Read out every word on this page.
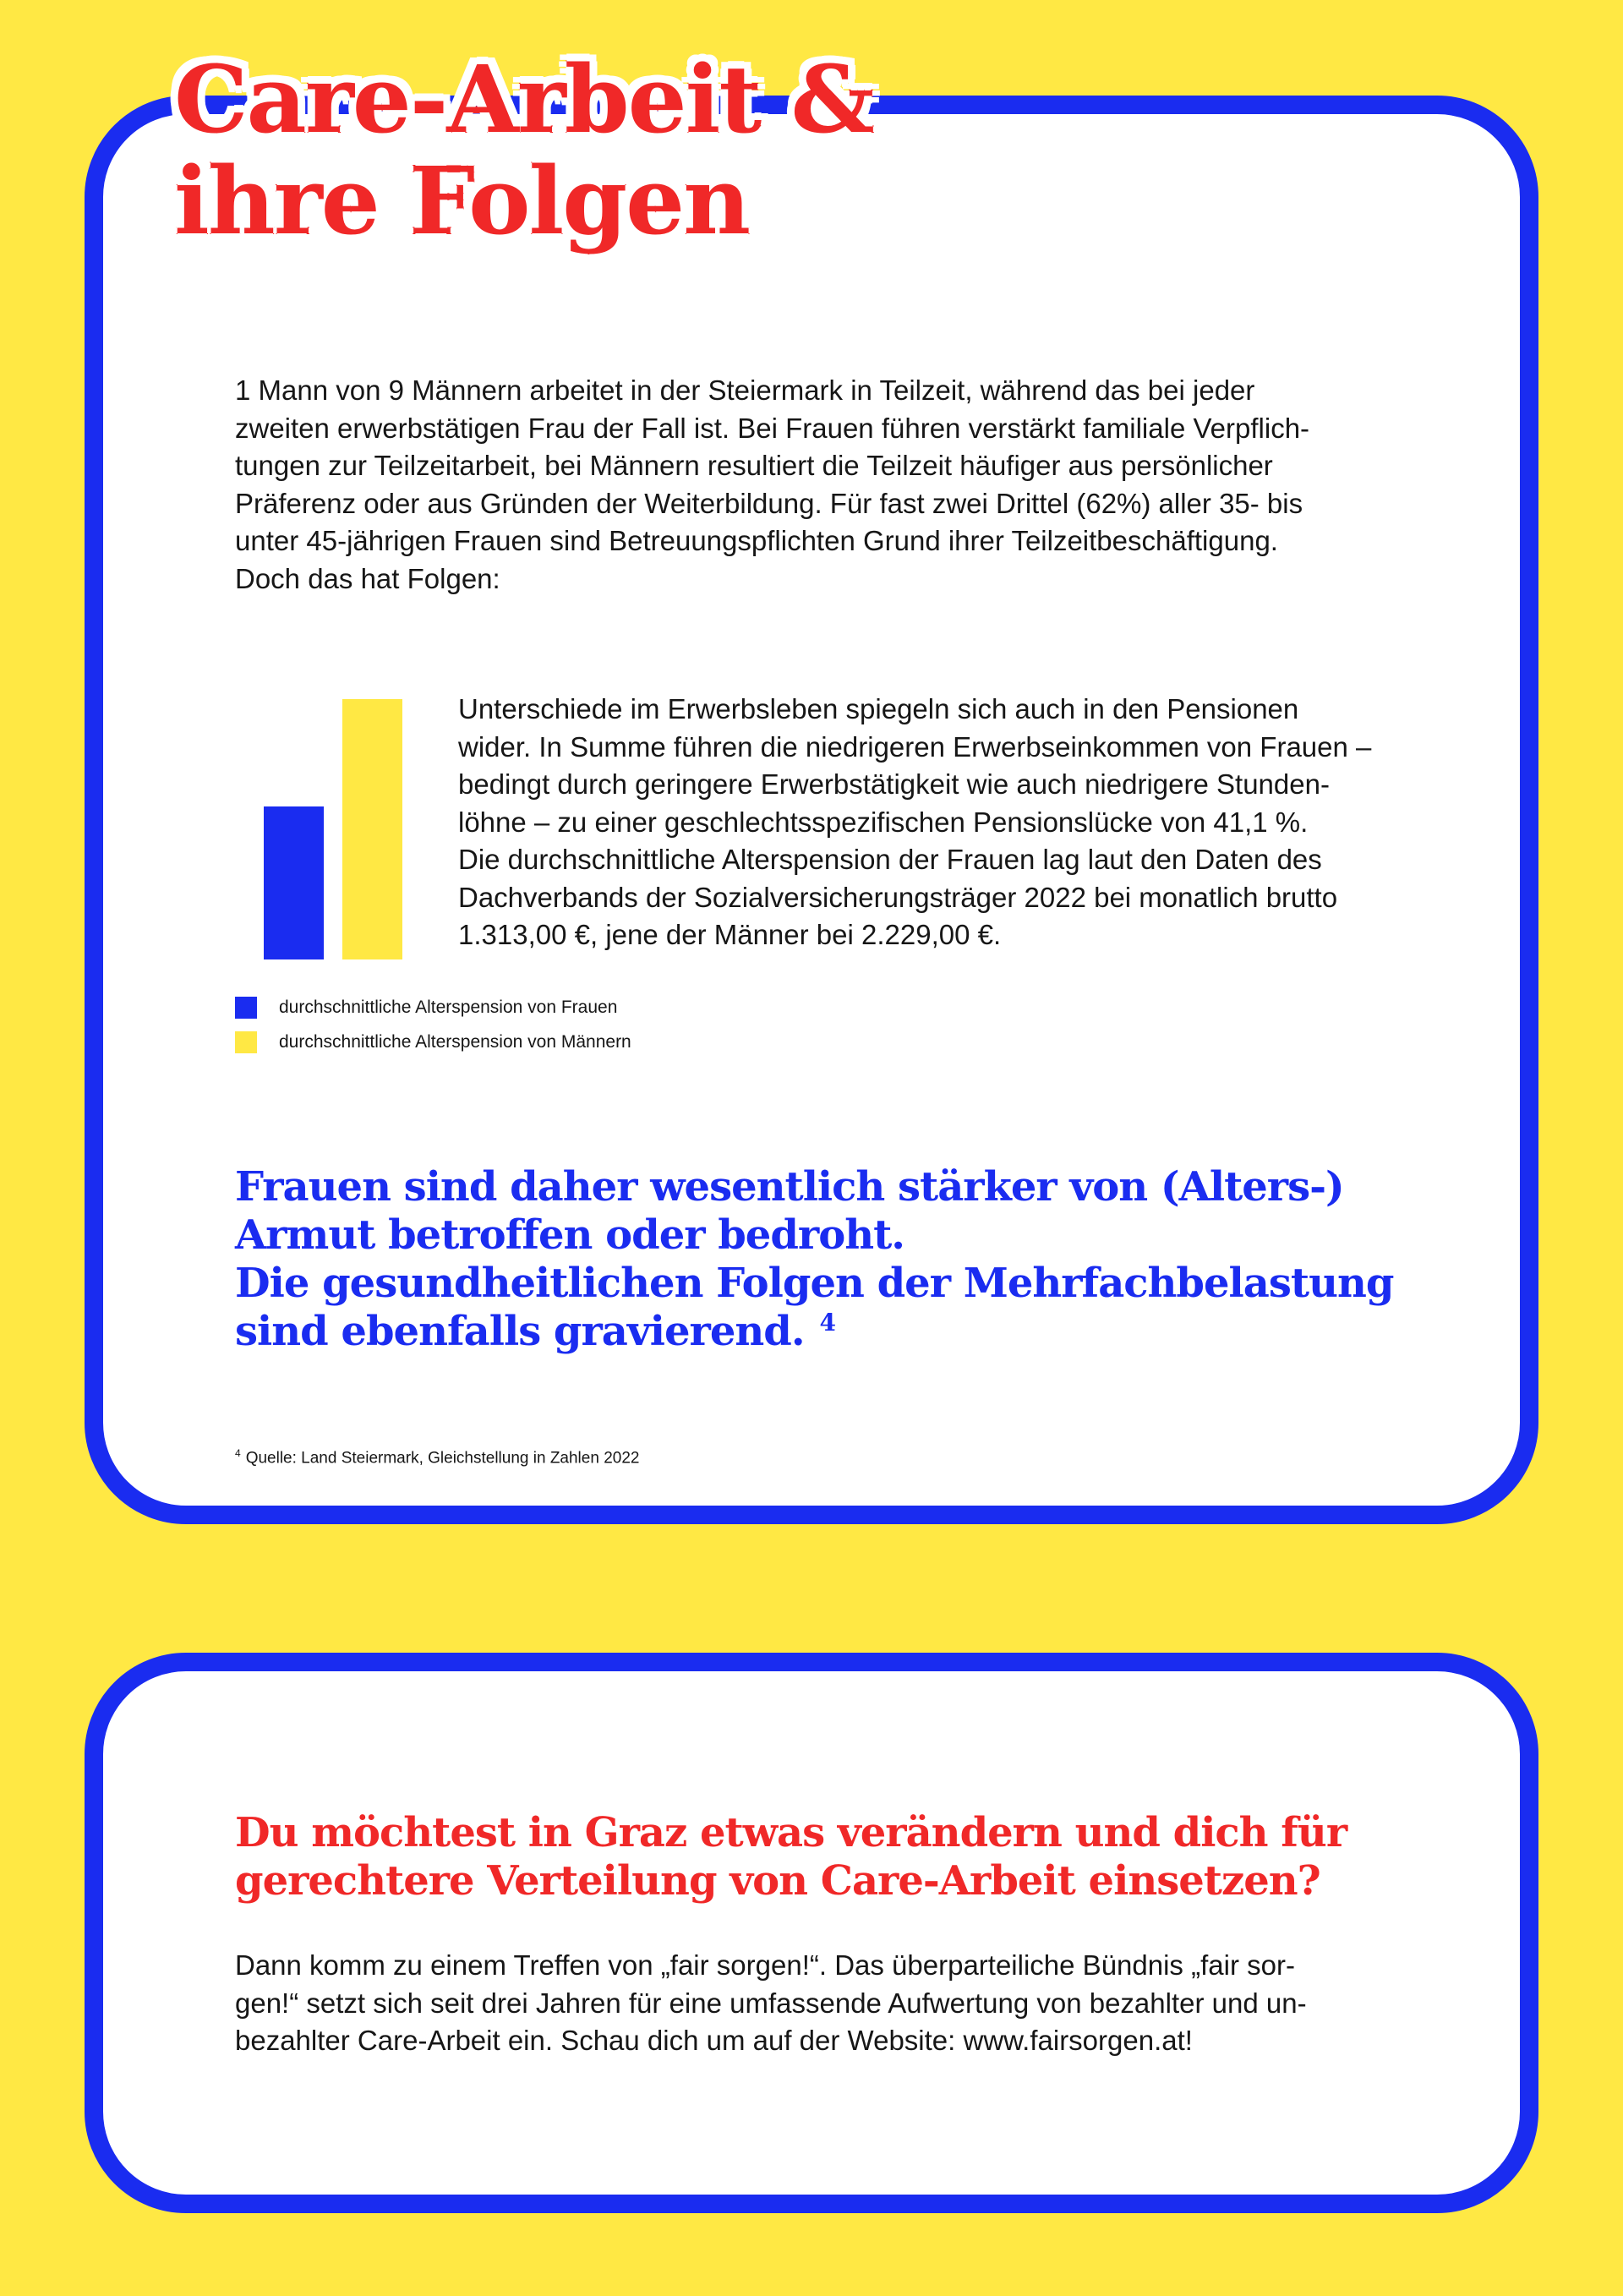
Care-Arbeit &
ihre Folgen

1 Mann von 9 Männern arbeitet in der Steiermark in Teilzeit, während das bei jeder
zweiten erwerbstätigen Frau der Fall ist. Bei Frauen führen verstärkt familiale Verpflich-
tungen zur Teilzeitarbeit, bei Männern resultiert die Teilzeit häufiger aus persönlicher
Präferenz oder aus Gründen der Weiterbildung. Für fast zwei Drittel (62%) aller 35- bis
unter 45-jährigen Frauen sind Betreuungspflichten Grund ihrer Teilzeitbeschäftigung.
Doch das hat Folgen:

Unterschiede im Erwerbsleben spiegeln sich auch in den Pensionen
wider. In Summe führen die niedrigeren Erwerbseinkommen von Frauen –
bedingt durch geringere Erwerbstätigkeit wie auch niedrigere Stunden-
löhne – zu einer geschlechtsspezifischen Pensionslücke von 41,1 %.
Die durchschnittliche Alterspension der Frauen lag laut den Daten des
Dachverbands der Sozialversicherungsträger 2022 bei monatlich brutto
1.313,00 €, jene der Männer bei 2.229,00 €.

durchschnittliche Alterspension von Frauen
durchschnittliche Alterspension von Männern
Frauen sind daher wesentlich stärker von (Alters-)
Armut betroffen oder bedroht.
Die gesundheitlichen Folgen der Mehrfachbelastung
sind ebenfalls gravierend. $^4$

$^4$ Quelle: Land Steiermark, Gleichstellung in Zahlen 2022

Du möchtest in Graz etwas verändern und dich für
gerechtere Verteilung von Care-Arbeit einsetzen?

Dann komm zu einem Treffen von „fair sorgen!“. Das überparteiliche Bündnis „fair sor-
gen!“ setzt sich seit drei Jahren für eine umfassende Aufwertung von bezahlter und un-
bezahlter Care-Arbeit ein. Schau dich um auf der Website: www.fairsorgen.at!
